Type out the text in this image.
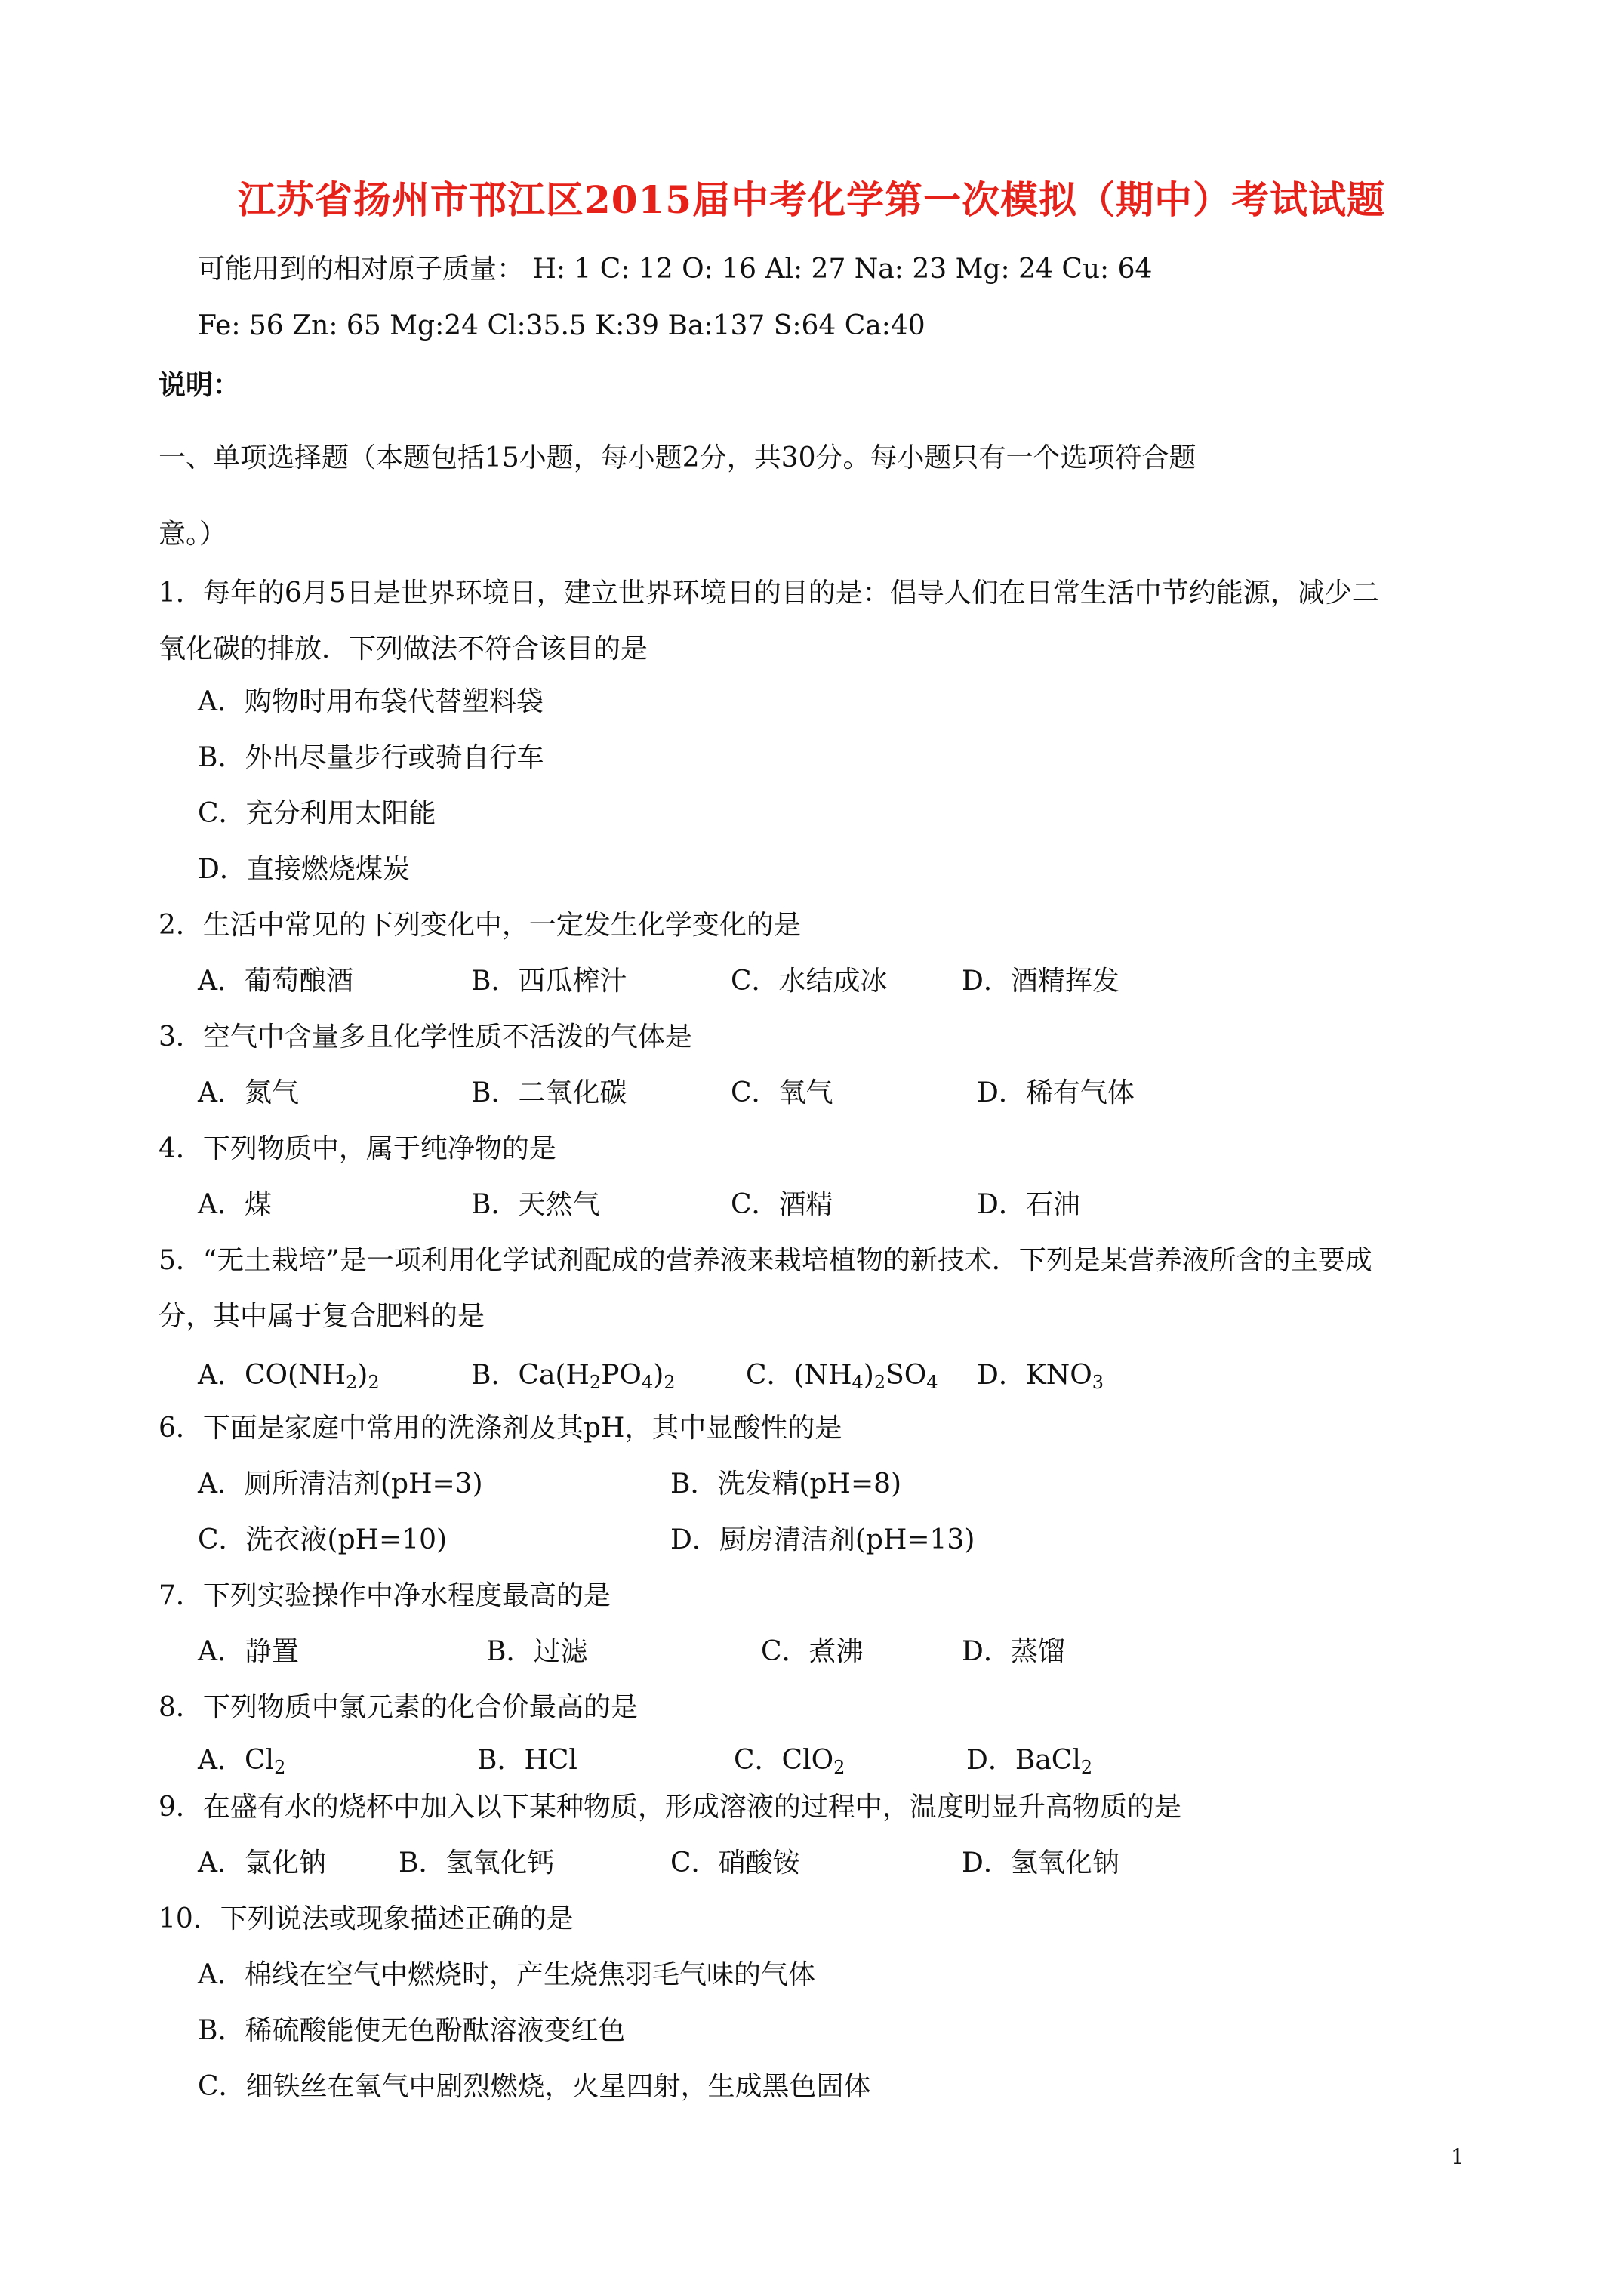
江苏省扬州市邗江区2015届中考化学第一次模拟（期中）考试试题
可能用到的相对原子质量： H: 1 C: 12 O: 16 Al: 27 Na: 23 Mg: 24 Cu: 64
Fe: 56 Zn: 65 Mg:24 Cl:35.5 K:39 Ba:137 S:64 Ca:40
说明：
一、单项选择题（本题包括15小题，每小题2分，共30分。每小题只有一个选项符合题
意。）
1．每年的6月5日是世界环境日，建立世界环境日的目的是：倡导人们在日常生活中节约能源，减少二
氧化碳的排放．下列做法不符合该目的是
A．购物时用布袋代替塑料袋
B．外出尽量步行或骑自行车
C．充分利用太阳能
D．直接燃烧煤炭
2．生活中常见的下列变化中，一定发生化学变化的是
A．葡萄酿酒	B．西瓜榨汁	C．水结成冰	D．酒精挥发
3．空气中含量多且化学性质不活泼的气体是
A．氮气	B．二氧化碳	C．氧气	D．稀有气体
4．下列物质中，属于纯净物的是
A．煤	B．天然气	C．酒精	D．石油
5．“无土栽培”是一项利用化学试剂配成的营养液来栽培植物的新技术．下列是某营养液所含的主要成
分，其中属于复合肥料的是
A．$CO(NH_2)_2$	B．$Ca(H_2PO_4)_2$	C．$(NH_4)_2SO_4$ D．$KNO_3$
6．下面是家庭中常用的洗涤剂及其pH，其中显酸性的是
A．厕所清洁剂(pH=3)	B．洗发精(pH=8)
C．洗衣液(pH=10)	D．厨房清洁剂(pH=13)
7．下列实验操作中净水程度最高的是
A．静置	B．过滤	C．煮沸	D．蒸馏
8．下列物质中氯元素的化合价最高的是
A．$Cl_2$	B．HCl	C．ClO$_2$	D．BaCl$_2$
9．在盛有水的烧杯中加入以下某种物质，形成溶液的过程中，温度明显升高物质的是
A．氯化钠	B．氢氧化钙	C．硝酸铵	D．氢氧化钠
10．下列说法或现象描述正确的是
A．棉线在空气中燃烧时，产生烧焦羽毛气味的气体
B．稀硫酸能使无色酚酞溶液变红色
C．细铁丝在氧气中剧烈燃烧，火星四射，生成黑色固体
1
